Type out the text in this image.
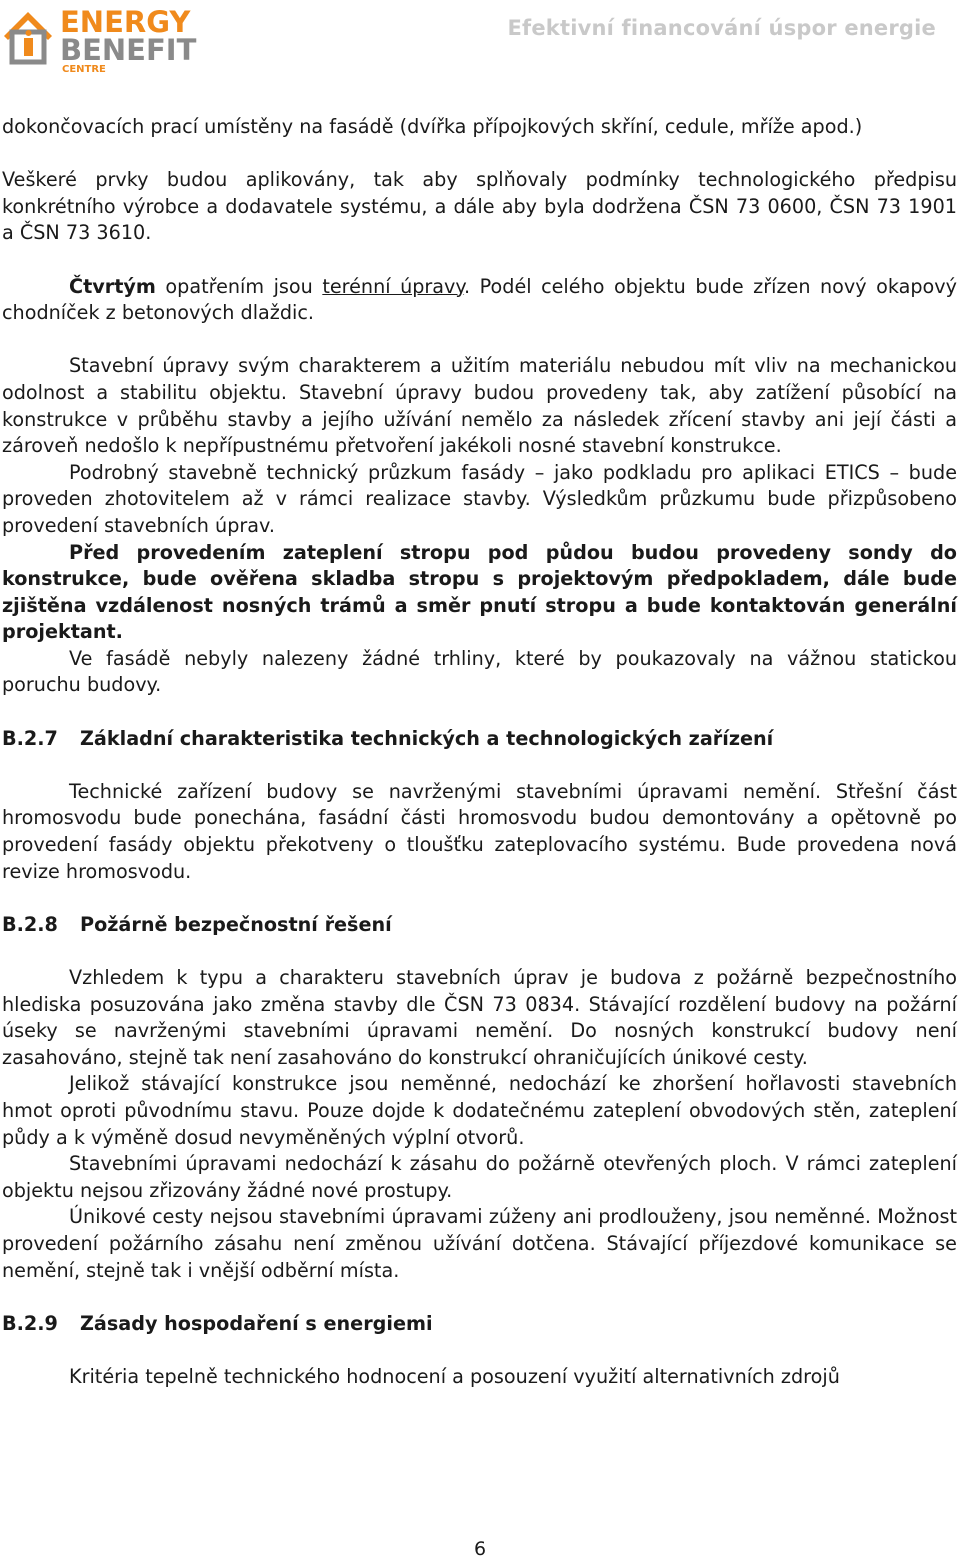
ENERGY
BENEFIT
CENTRE
Efektivní financování úspor energie

dokončovacích prací umístěny na fasádě (dvířka přípojkových skříní, cedule, mříže apod.)

Veškeré prvky budou aplikovány, tak aby splňovaly podmínky technologického předpisu konkrétního výrobce a dodavatele systému, a dále aby byla dodržena ČSN 73 0600, ČSN 73 1901 a ČSN 73 3610.

Čtvrtým opatřením jsou terénní úpravy. Podél celého objektu bude zřízen nový okapový chodníček z betonových dlaždic.

Stavební úpravy svým charakterem a užitím materiálu nebudou mít vliv na mechanickou odolnost a stabilitu objektu. Stavební úpravy budou provedeny tak, aby zatížení působící na konstrukce v průběhu stavby a jejího užívání nemělo za následek zřícení stavby ani její části a zároveň nedošlo k nepřípustnému přetvoření jakékoli nosné stavební konstrukce.

Podrobný stavebně technický průzkum fasády – jako podkladu pro aplikaci ETICS – bude proveden zhotovitelem až v rámci realizace stavby. Výsledkům průzkumu bude přizpůsobeno provedení stavebních úprav.

Před provedením zateplení stropu pod půdou budou provedeny sondy do konstrukce, bude ověřena skladba stropu s projektovým předpokladem, dále bude zjištěna vzdálenost nosných trámů a směr pnutí stropu a bude kontaktován generální projektant.

Ve fasádě nebyly nalezeny žádné trhliny, které by poukazovaly na vážnou statickou poruchu budovy.

B.2.7 Základní charakteristika technických a technologických zařízení

Technické zařízení budovy se navrženými stavebními úpravami nemění. Střešní část hromosvodu bude ponechána, fasádní části hromosvodu budou demontovány a opětovně po provedení fasády objektu překotveny o tloušťku zateplovacího systému. Bude provedena nová revize hromosvodu.

B.2.8 Požárně bezpečnostní řešení

Vzhledem k typu a charakteru stavebních úprav je budova z požárně bezpečnostního hlediska posuzována jako změna stavby dle ČSN 73 0834. Stávající rozdělení budovy na požární úseky se navrženými stavebními úpravami nemění. Do nosných konstrukcí budovy není zasahováno, stejně tak není zasahováno do konstrukcí ohraničujících únikové cesty.

Jelikož stávající konstrukce jsou neměnné, nedochází ke zhoršení hořlavosti stavebních hmot oproti původnímu stavu. Pouze dojde k dodatečnému zateplení obvodových stěn, zateplení půdy a k výměně dosud nevyměněných výplní otvorů.

Stavebními úpravami nedochází k zásahu do požárně otevřených ploch. V rámci zateplení objektu nejsou zřizovány žádné nové prostupy.

Únikové cesty nejsou stavebními úpravami zúženy ani prodlouženy, jsou neměnné. Možnost provedení požárního zásahu není změnou užívání dotčena. Stávající příjezdové komunikace se nemění, stejně tak i vnější odběrní místa.

B.2.9 Zásady hospodaření s energiemi

Kritéria tepelně technického hodnocení a posouzení využití alternativních zdrojů

6
